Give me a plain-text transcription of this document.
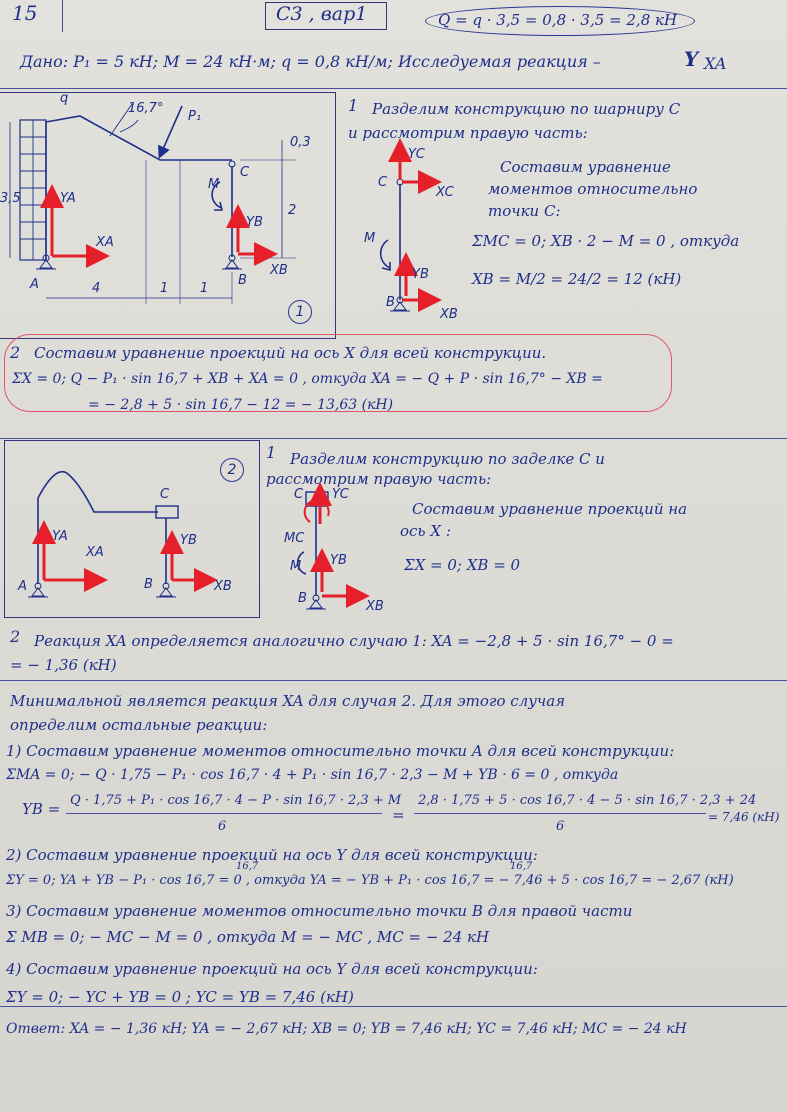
15	С3 , вар1	Q = q · 3,5 = 0,8 · 3,5 = 2,8 кН
Дано: P₁ = 5 кН; M = 24 кН·м; q = 0,8 кН/м; Исследуемая реакция –	Y XA
q
16,7°
P₁
0,3
2
3,5
4	1 1
A	B
C
M
YA
XA
YB
XB
1
1 Разделим конструкцию по шарниру C
и рассмотрим правую часть:
YC
XC
C
M
YB
XB
B
Составим уравнение
моментов относительно
точки C:
ΣMC = 0; XB · 2 − M = 0 , откуда
XB = M/2 = 24/2 = 12 (кН)
2 Составим уравнение проекций на ось X для всей конструкции.
ΣX = 0; Q − P₁ · sin 16,7 + XB + XA = 0 , откуда XA = − Q + P · sin 16,7° − XB =
= − 2,8 + 5 · sin 16,7 − 12 = − 13,63 (кН)
YA
XA
YB
XB
A	B
C
2
1 Разделим конструкцию по заделке C и
рассмотрим правую часть:
YC
C
MC
M YB
XB
B
Составим уравнение проекций на
ось X :
ΣX = 0; XB = 0
2 Реакция XA определяется аналогично случаю 1: XA = −2,8 + 5 · sin 16,7° − 0 =
= − 1,36 (кН)
Минимальной является реакция XA для случая 2. Для этого случая
определим остальные реакции:
1) Составим уравнение моментов относительно точки A для всей конструкции:
ΣMA = 0; − Q · 1,75 − P₁ · cos 16,7 · 4 + P₁ · sin 16,7 · 2,3 − M + YB · 6 = 0 , откуда
YB = Q · 1,75 + P₁ · cos 16,7 · 4 − P · sin 16,7 · 2,3 + M
6
=
2,8 · 1,75 + 5 · cos 16,7 · 4 − 5 · sin 16,7 · 2,3 + 24
6
= 7,46 (кН)
2) Составим уравнение проекций на ось Y для всей конструкции:
16,7	16,7
ΣY = 0; YA + YB − P₁ · cos 16,7 = 0 , откуда YA = − YB + P₁ · cos 16,7 = − 7,46 + 5 · cos 16,7 = − 2,67 (кН)
3) Составим уравнение моментов относительно точки B для правой части
Σ MB = 0; − MC − M = 0 , откуда M = − MC , MC = − 24 кН
4) Составим уравнение проекций на ось Y для всей конструкции:
ΣY = 0; − YC + YB = 0 ; YC = YB = 7,46 (кН)
Ответ: XA = − 1,36 кН; YA = − 2,67 кН; XB = 0; YB = 7,46 кН; YC = 7,46 кН; MC = − 24 кН
